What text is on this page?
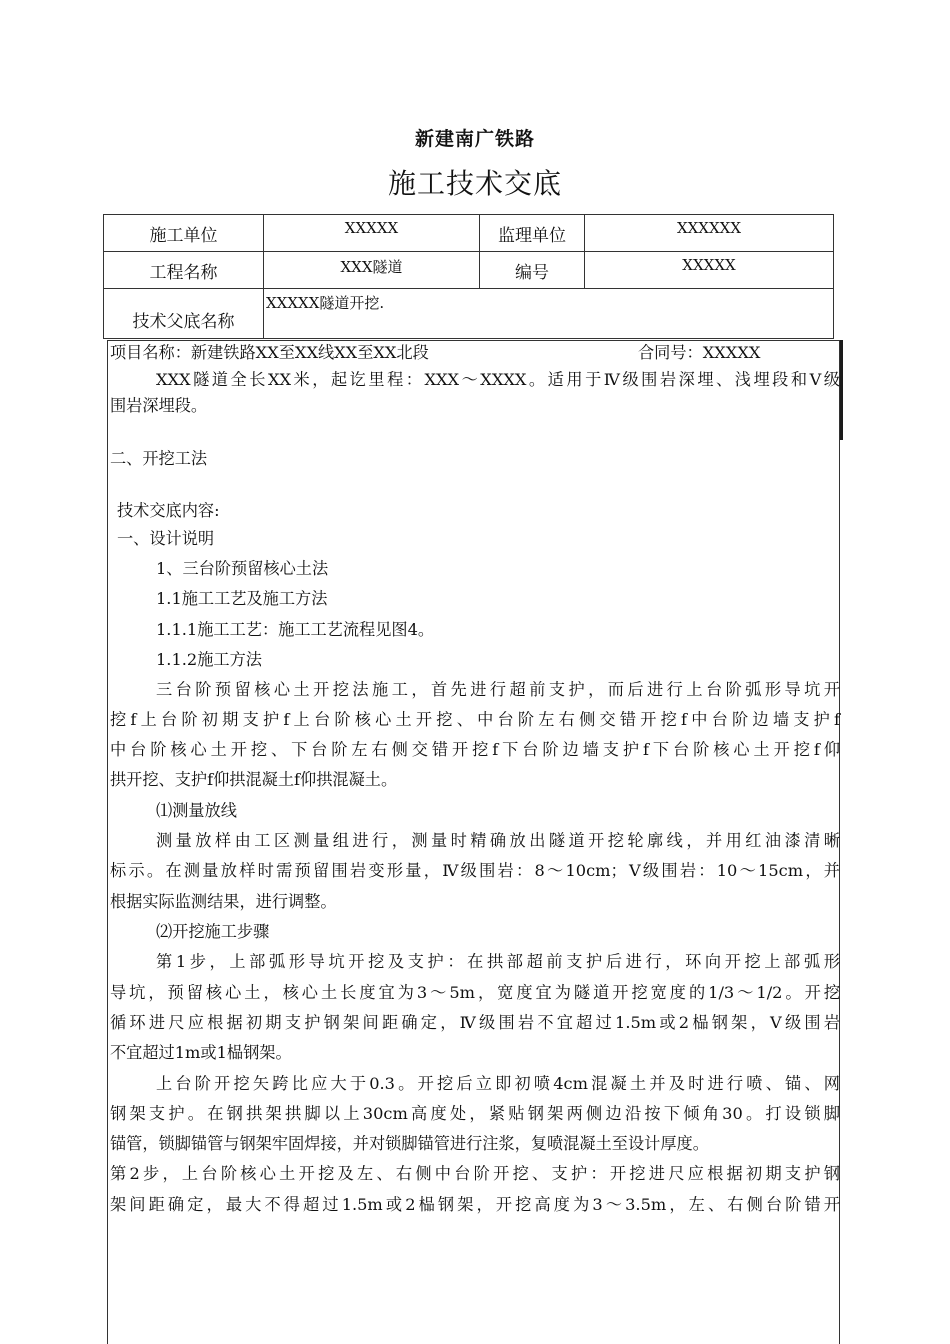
新建南广铁路
施工技术交底
施工单位	XXXXX	监理单位	XXXXXX
工程名称	XXX隧道	编号	XXXXX
技术父底名称	XXXXX隧道开挖.		
项目名称：新建铁路XX至XX线XX至XX北段	合同号：XXXXX
XXX隧道全长XX米，起讫里程：XXX～XXXX。适用于Ⅳ级围岩深埋、浅埋段和Ⅴ级
围岩深埋段。
二、开挖工法
技术交底内容:
一、设计说明
1、三台阶预留核心土法
1.1施工工艺及施工方法
1.1.1施工工艺：施工工艺流程见图4。
1.1.2施工方法
三台阶预留核心土开挖法施工，首先进行超前支护，而后进行上台阶弧形导坑开
挖f上台阶初期支护f上台阶核心土开挖、中台阶左右侧交错开挖f中台阶边墙支护f
中台阶核心土开挖、下台阶左右侧交错开挖f下台阶边墙支护f下台阶核心土开挖f仰
拱开挖、支护f仰拱混凝土f仰拱混凝土。
⑴测量放线
测量放样由工区测量组进行，测量时精确放出隧道开挖轮廓线，并用红油漆清晰
标示。在测量放样时需预留围岩变形量，Ⅳ级围岩：8～10cm；Ⅴ级围岩：10～15cm，并
根据实际监测结果，进行调整。
⑵开挖施工步骤
第1步，上部弧形导坑开挖及支护：在拱部超前支护后进行，环向开挖上部弧形
导坑，预留核心土，核心土长度宜为3～5m，宽度宜为隧道开挖宽度的1/3～1/2。开挖
循环进尺应根据初期支护钢架间距确定，Ⅳ级围岩不宜超过1.5m或2榀钢架，Ⅴ级围岩
不宜超过1m或1榀钢架。
上台阶开挖矢跨比应大于0.3。开挖后立即初喷4cm混凝土并及时进行喷、锚、网
钢架支护。在钢拱架拱脚以上30cm高度处，紧贴钢架两侧边沿按下倾角30。打设锁脚
锚管，锁脚锚管与钢架牢固焊接，并对锁脚锚管进行注浆，复喷混凝土至设计厚度。
第2步，上台阶核心土开挖及左、右侧中台阶开挖、支护：开挖进尺应根据初期支护钢
架间距确定，最大不得超过1.5m或2榀钢架，开挖高度为3～3.5m，左、右侧台阶错开
